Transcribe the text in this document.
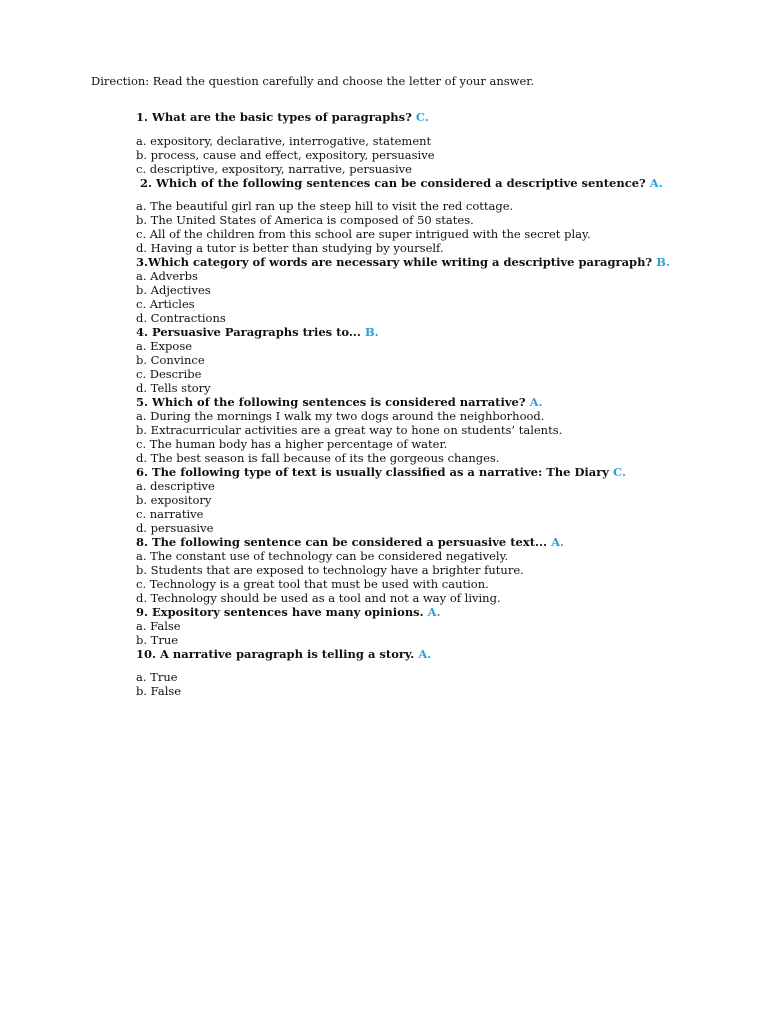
Direction: Read the question carefully and choose the letter of your answer.
1. What are the basic types of paragraphs? C.
a. expository, declarative, interrogative, statement
b. process, cause and effect, expository, persuasive
c. descriptive, expository, narrative, persuasive
2. Which of the following sentences can be considered a descriptive sentence? A.
a. The beautiful girl ran up the steep hill to visit the red cottage.
b. The United States of America is composed of 50 states.
c. All of the children from this school are super intrigued with the secret play.
d. Having a tutor is better than studying by yourself.
3.Which category of words are necessary while writing a descriptive paragraph? B.
a. Adverbs
b. Adjectives
c. Articles
d. Contractions
4. Persuasive Paragraphs tries to... B.
a. Expose
b. Convince
c. Describe
d. Tells story
5. Which of the following sentences is considered narrative? A.
a. During the mornings I walk my two dogs around the neighborhood.
b. Extracurricular activities are a great way to hone on students’ talents.
c. The human body has a higher percentage of water.
d. The best season is fall because of its the gorgeous changes.
6. The following type of text is usually classified as a narrative: The Diary C.
a. descriptive
b. expository
c. narrative
d. persuasive
8. The following sentence can be considered a persuasive text... A.
a. The constant use of technology can be considered negatively.
b. Students that are exposed to technology have a brighter future.
c. Technology is a great tool that must be used with caution.
d. Technology should be used as a tool and not a way of living.
9. Expository sentences have many opinions. A.
a. False
b. True
10. A narrative paragraph is telling a story. A.
a. True
b. False
